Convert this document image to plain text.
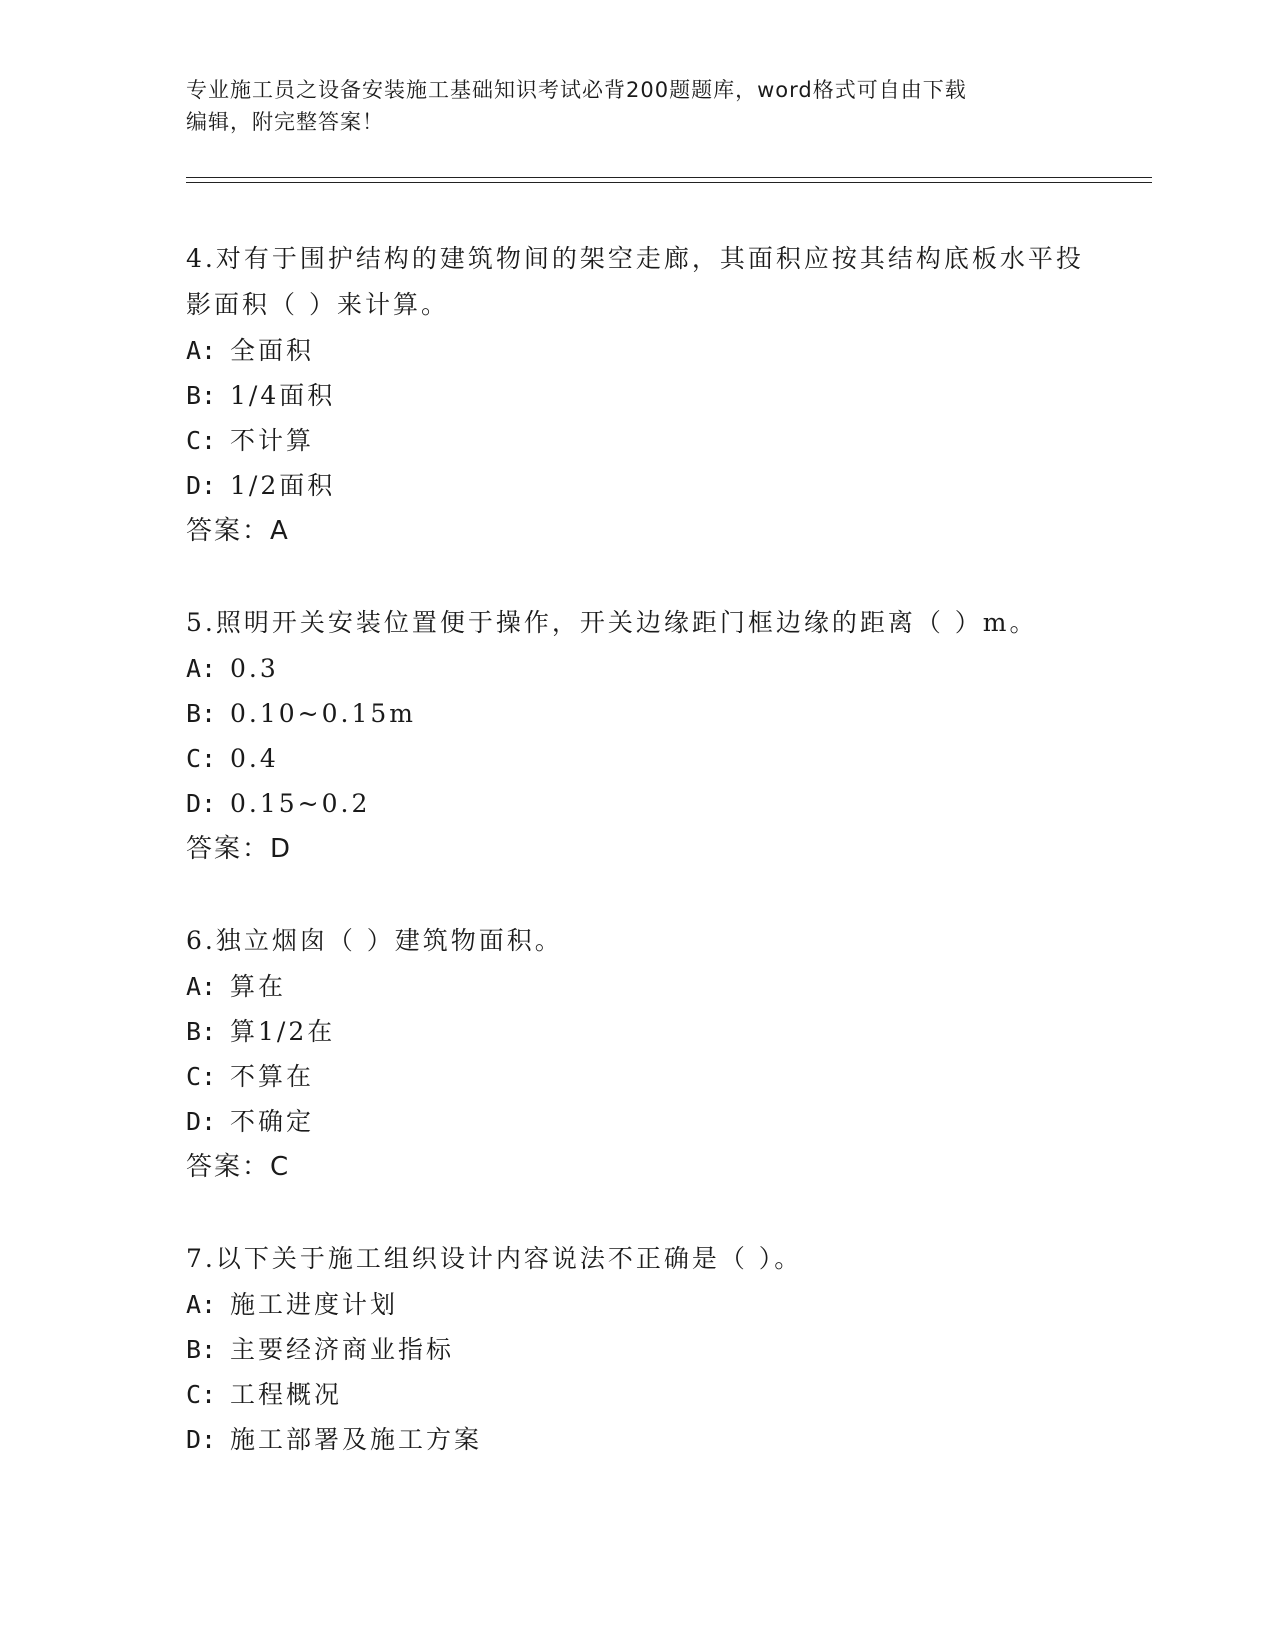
专业施工员之设备安装施工基础知识考试必背200题题库，word格式可自由下载
编辑，附完整答案！
4.对有于围护结构的建筑物间的架空走廊，其面积应按其结构底板水平投影面积（ ）来计算。
A: 全面积
B: 1/4面积
C: 不计算
D: 1/2面积
答案：A
5.照明开关安装位置便于操作，开关边缘距门框边缘的距离（ ）m。
A: 0.3
B: 0.10~0.15m
C: 0.4
D: 0.15~0.2
答案：D
6.独立烟囱（ ）建筑物面积。
A: 算在
B: 算1/2在
C: 不算在
D: 不确定
答案：C
7.以下关于施工组织设计内容说法不正确是（ ）。
A: 施工进度计划
B: 主要经济商业指标
C: 工程概况
D: 施工部署及施工方案
